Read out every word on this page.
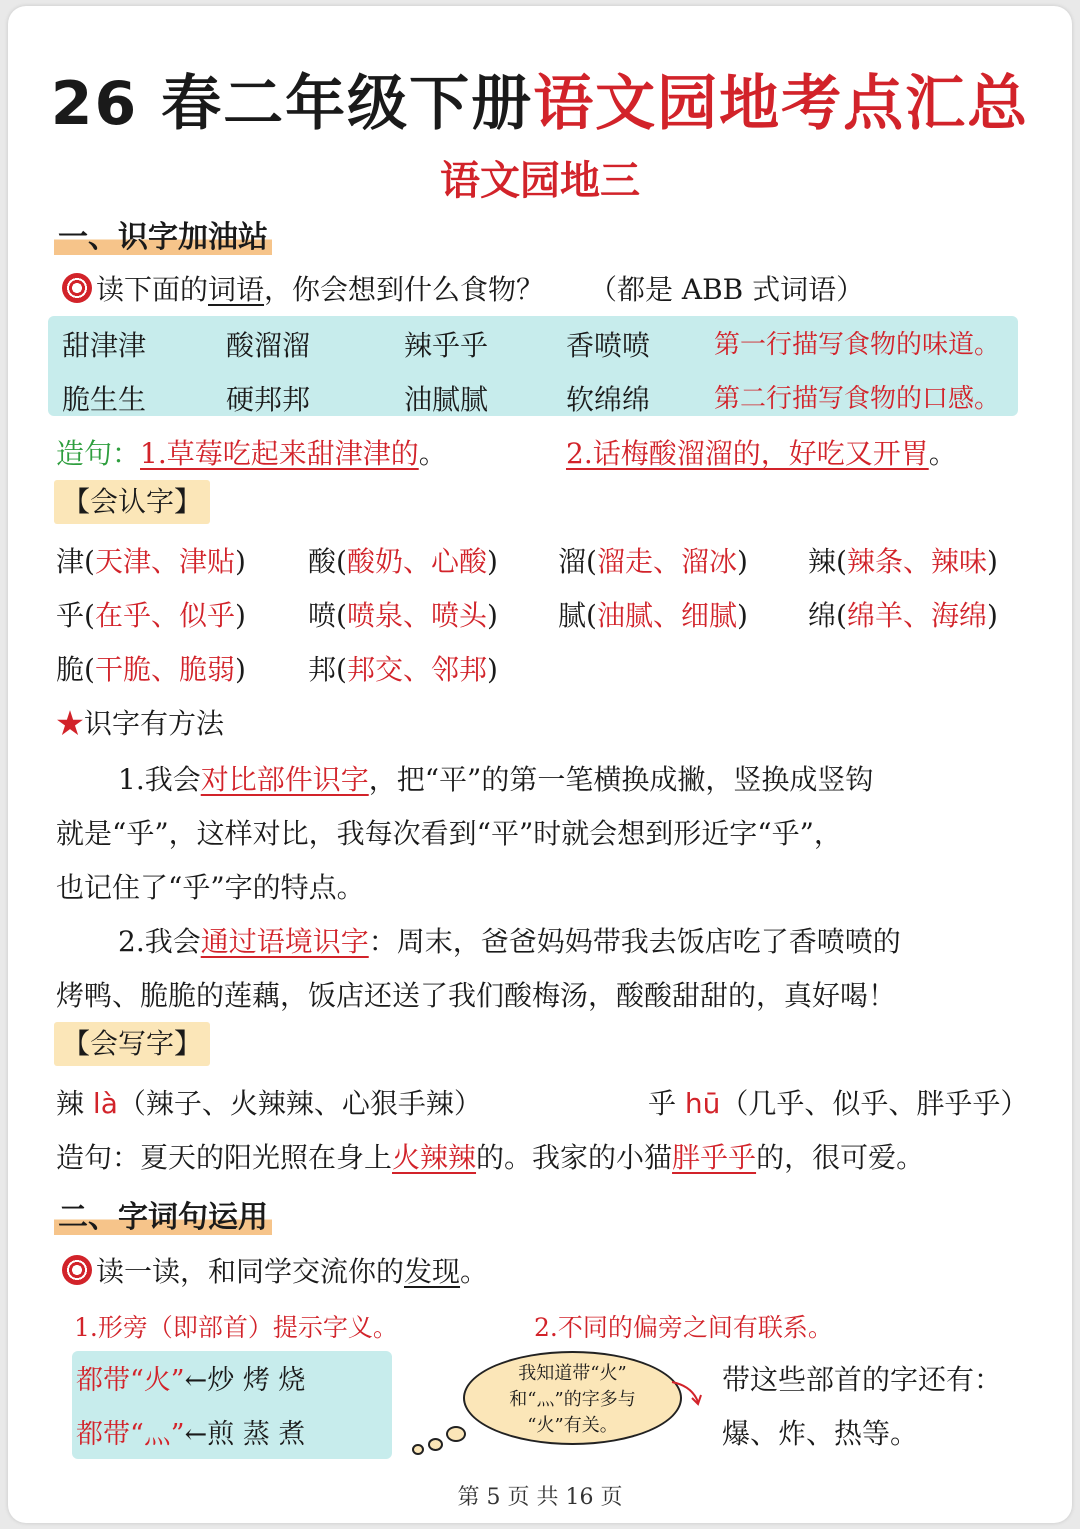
26 春二年级下册语文园地考点汇总
语文园地三
一、识字加油站
读下面的词语，你会想到什么食物？ （都是 ABB 式词语）
甜津津	酸溜溜	辣乎乎	香喷喷 第一行描写食物的味道。
脆生生	硬邦邦	油腻腻	软绵绵 第二行描写食物的口感。
造句：1.草莓吃起来甜津津的。	2.话梅酸溜溜的，好吃又开胃。
【会认字】
津(天津、津贴) 酸(酸奶、心酸) 溜(溜走、溜冰) 辣(辣条、辣味)
乎(在乎、似乎) 喷(喷泉、喷头) 腻(油腻、细腻) 绵(绵羊、海绵)
脆(干脆、脆弱) 邦(邦交、邻邦)
★识字有方法
1.我会对比部件识字，把“平”的第一笔横换成撇，竖换成竖钩
就是“乎”，这样对比，我每次看到“平”时就会想到形近字“乎”，
也记住了“乎”字的特点。
2.我会通过语境识字：周末，爸爸妈妈带我去饭店吃了香喷喷的
烤鸭、脆脆的莲藕，饭店还送了我们酸梅汤，酸酸甜甜的，真好喝！
【会写字】
辣 là（辣子、火辣辣、心狠手辣）	乎 hū（几乎、似乎、胖乎乎）
造句：夏天的阳光照在身上火辣辣的。我家的小猫胖乎乎的，很可爱。
二、字词句运用
读一读，和同学交流你的发现。
1.形旁（即部首）提示字义。	2.不同的偏旁之间有联系。
都带“火”←炒 烤 烧
都带“灬”←煎 蒸 煮
我知道带“火”
和“灬”的字多与
“火”有关。
带这些部首的字还有：
爆、炸、热等。
第 5 页 共 16 页
